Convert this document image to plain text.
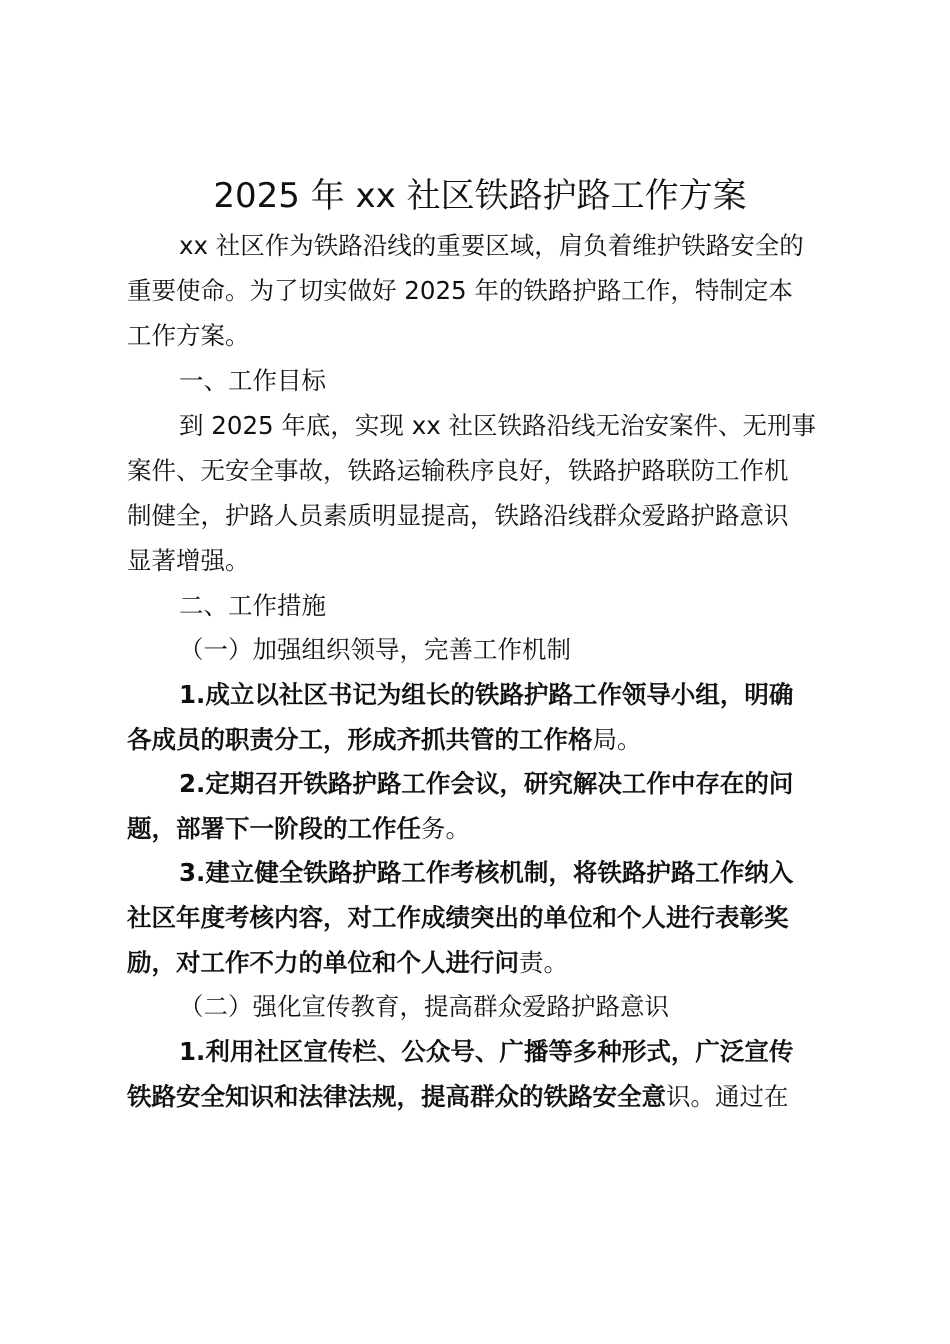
2025 年 xx 社区铁路护路工作方案
xx 社区作为铁路沿线的重要区域，肩负着维护铁路安全的
重要使命。为了切实做好 2025 年的铁路护路工作，特制定本
工作方案。
一、工作目标
到 2025 年底，实现 xx 社区铁路沿线无治安案件、无刑事
案件、无安全事故，铁路运输秩序良好，铁路护路联防工作机
制健全，护路人员素质明显提高，铁路沿线群众爱路护路意识
显著增强。
二、工作措施
（一）加强组织领导，完善工作机制
1.成立以社区书记为组长的铁路护路工作领导小组，明确
各成员的职责分工，形成齐抓共管的工作格局。
2.定期召开铁路护路工作会议，研究解决工作中存在的问
题，部署下一阶段的工作任务。
3.建立健全铁路护路工作考核机制，将铁路护路工作纳入
社区年度考核内容，对工作成绩突出的单位和个人进行表彰奖
励，对工作不力的单位和个人进行问责。
（二）强化宣传教育，提高群众爱路护路意识
1.利用社区宣传栏、公众号、广播等多种形式，广泛宣传
铁路安全知识和法律法规，提高群众的铁路安全意识。通过在
